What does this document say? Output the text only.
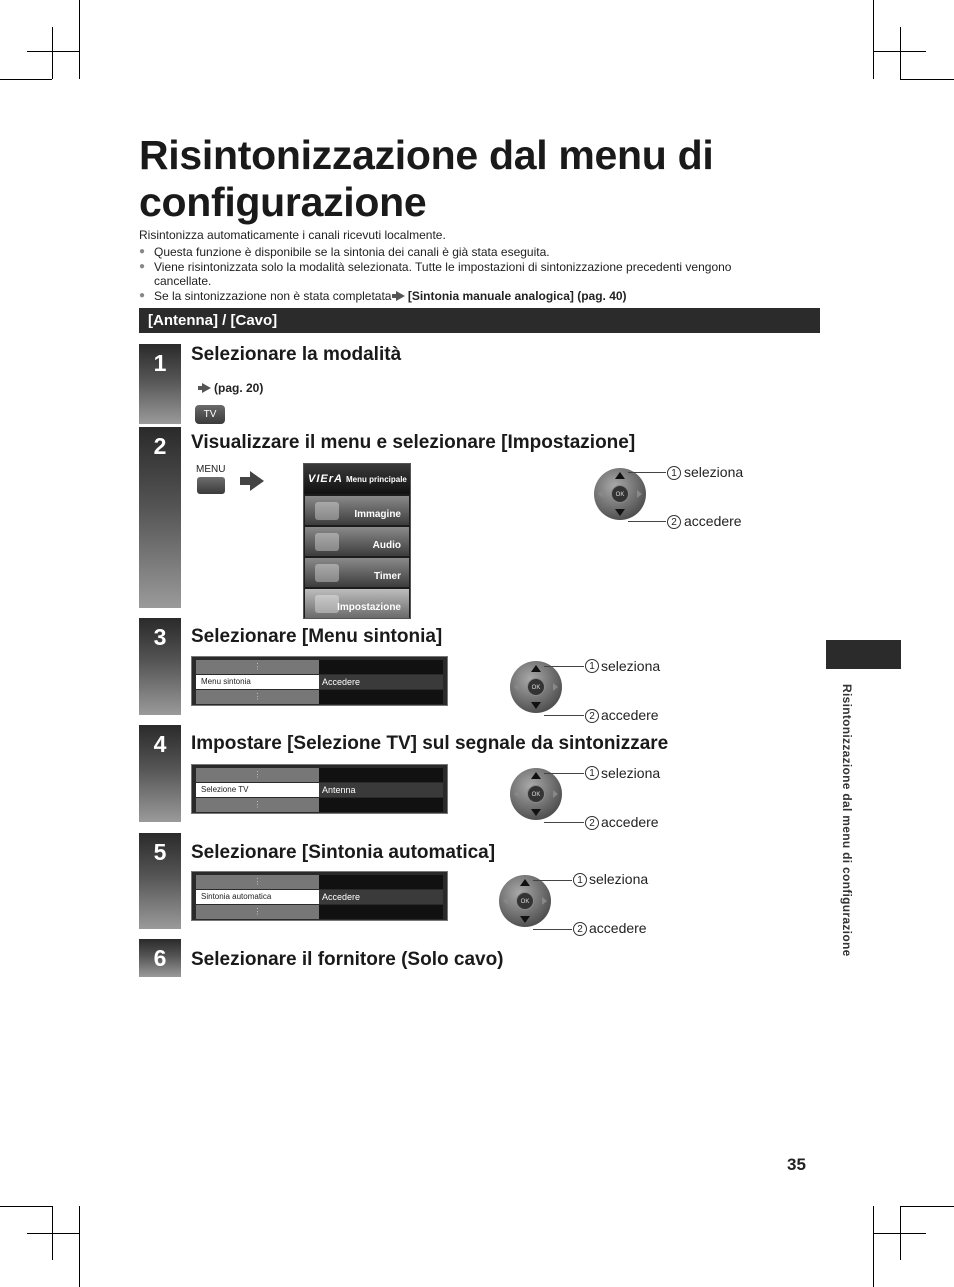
Risintonizzazione dal menu di configurazione
Risintonizza automaticamente i canali ricevuti localmente.
● Questa funzione è disponibile se la sintonia dei canali è già stata eseguita.
● Viene risintonizzata solo la modalità selezionata. Tutte le impostazioni di sintonizzazione precedenti vengono cancellate.
● Se la sintonizzazione non è stata completata [Sintonia manuale analogica] (pag. 40)
[Antenna] / [Cavo]
1	Selezionare la modalità
(pag. 20)
TV
2	Visualizzare il menu e selezionare [Impostazione]
MENU
VIErA Menu principale
Immagine
Audio
Timer
Impostazione
OK
1 seleziona
2 accedere
3	Selezionare [Menu sintonia]
⋮
Menu sintonia	Accedere
⋮
OK
1 seleziona
2 accedere
4	Impostare [Selezione TV] sul segnale da sintonizzare
⋮
Selezione TV	Antenna
⋮
OK
1 seleziona
2 accedere
5	Selezionare [Sintonia automatica]
⋮
Sintonia automatica	Accedere
⋮
OK
1 seleziona
2 accedere
6	Selezionare il fornitore (Solo cavo)
Risintonizzazione dal menu di configurazione
35
